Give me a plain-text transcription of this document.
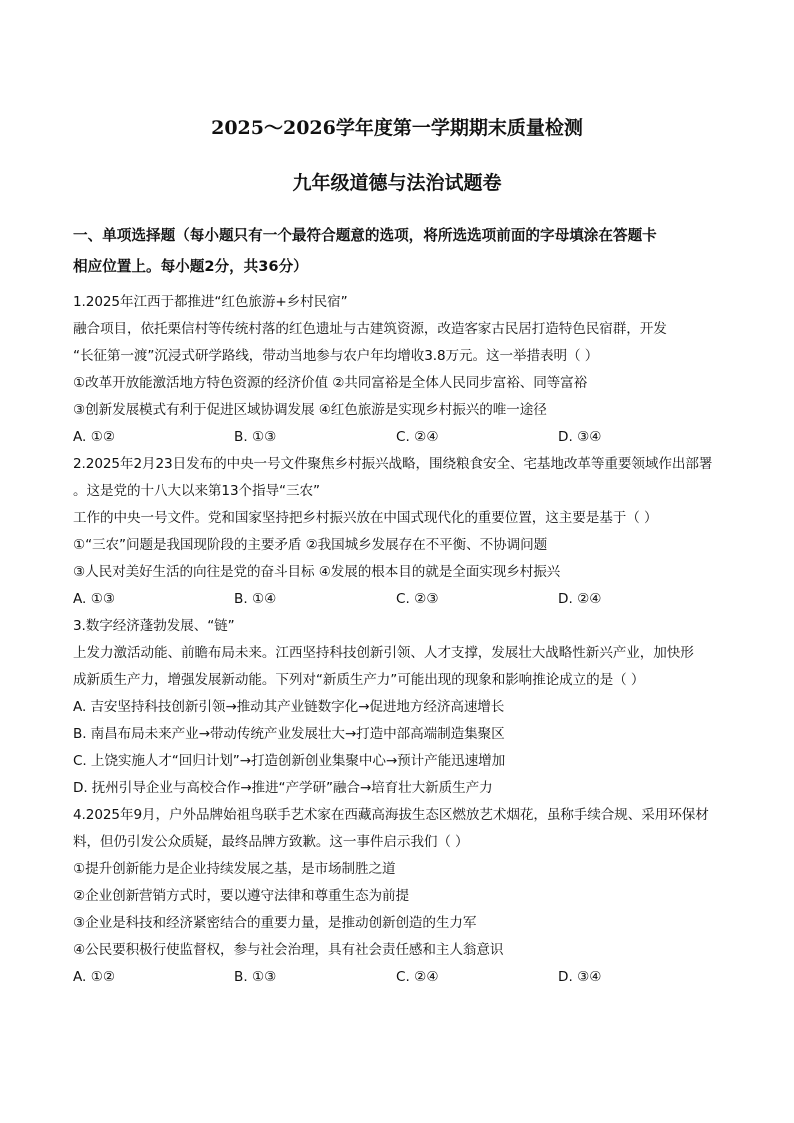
2025～2026学年度第一学期期末质量检测
九年级道德与法治试题卷
一、单项选择题（每小题只有一个最符合题意的选项，将所选选项前面的字母填涂在答题卡
相应位置上。每小题2分，共36分）
1.2025年江西于都推进“红色旅游+乡村民宿”
融合项目，依托栗信村等传统村落的红色遗址与古建筑资源，改造客家古民居打造特色民宿群，开发
“长征第一渡”沉浸式研学路线，带动当地参与农户年均增收3.8万元。这一举措表明（ ）
①改革开放能激活地方特色资源的经济价值 ②共同富裕是全体人民同步富裕、同等富裕
③创新发展模式有利于促进区域协调发展 ④红色旅游是实现乡村振兴的唯一途径
A. ①②	B. ①③	C. ②④	D. ③④
2.2025年2月23日发布的中央一号文件聚焦乡村振兴战略，围绕粮食安全、宅基地改革等重要领域作出部署
。这是党的十八大以来第13个指导“三农”
工作的中央一号文件。党和国家坚持把乡村振兴放在中国式现代化的重要位置，这主要是基于（ ）
①“三农”问题是我国现阶段的主要矛盾 ②我国城乡发展存在不平衡、不协调问题
③人民对美好生活的向往是党的奋斗目标 ④发展的根本目的就是全面实现乡村振兴
A. ①③	B. ①④	C. ②③	D. ②④
3.数字经济蓬勃发展、“链”
上发力激活动能、前瞻布局未来。江西坚持科技创新引领、人才支撑，发展壮大战略性新兴产业，加快形
成新质生产力，增强发展新动能。下列对“新质生产力”可能出现的现象和影响推论成立的是（ ）
A. 吉安坚持科技创新引领→推动其产业链数字化→促进地方经济高速增长
B. 南昌布局未来产业→带动传统产业发展壮大→打造中部高端制造集聚区
C. 上饶实施人才“回归计划”→打造创新创业集聚中心→预计产能迅速增加
D. 抚州引导企业与高校合作→推进“产学研”融合→培育壮大新质生产力
4.2025年9月，户外品牌始祖鸟联手艺术家在西藏高海拔生态区燃放艺术烟花，虽称手续合规、采用环保材
料，但仍引发公众质疑，最终品牌方致歉。这一事件启示我们（ ）
①提升创新能力是企业持续发展之基，是市场制胜之道
②企业创新营销方式时，要以遵守法律和尊重生态为前提
③企业是科技和经济紧密结合的重要力量，是推动创新创造的生力军
④公民要积极行使监督权，参与社会治理，具有社会责任感和主人翁意识
A. ①②	B. ①③	C. ②④	D. ③④
